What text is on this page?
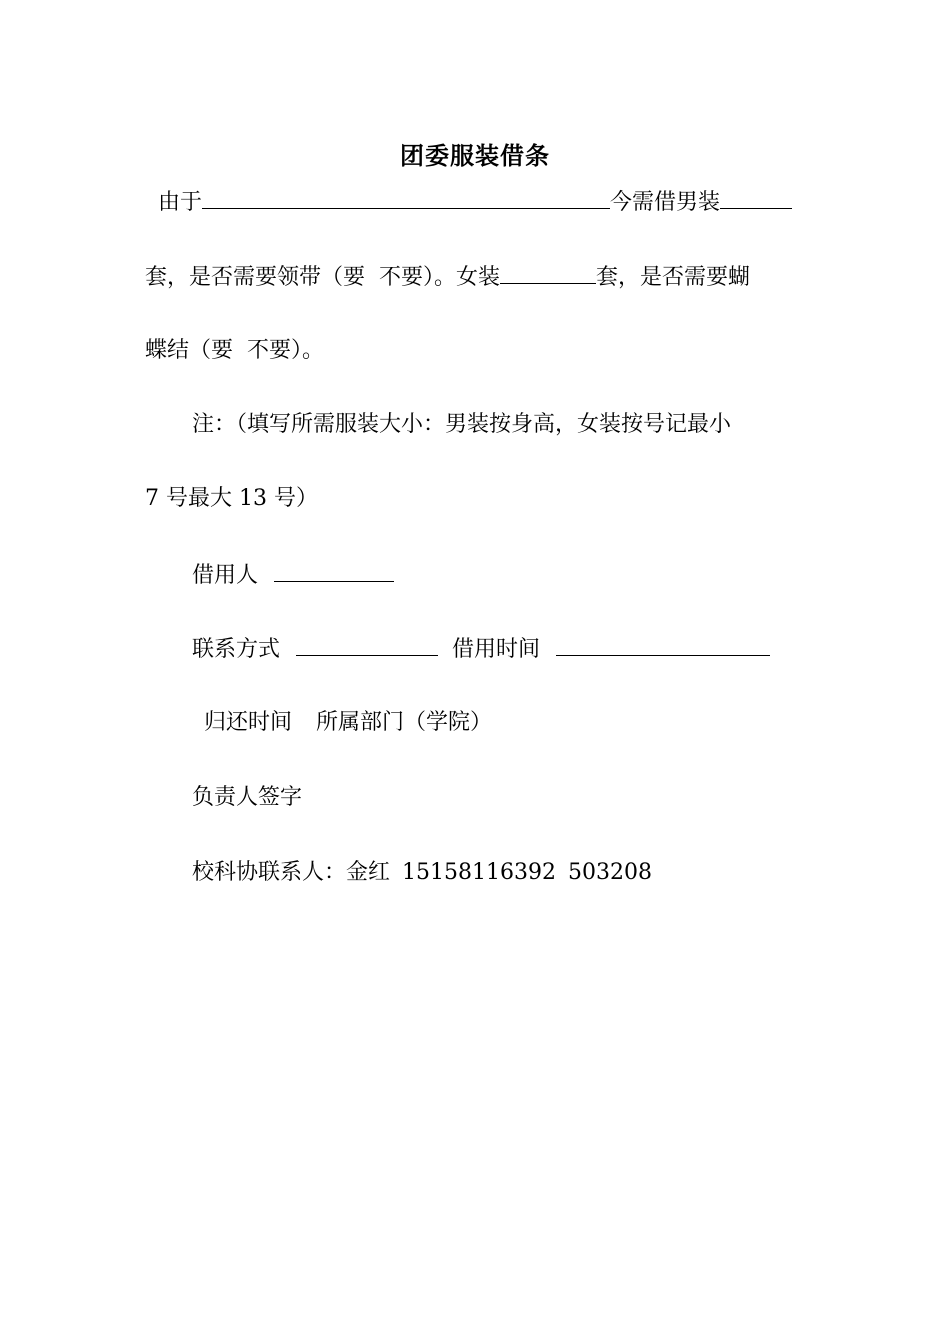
团委服装借条
由于	今需借男装
套，是否需要领带（要 不要）。女装	套，是否需要蝴
蝶结（要 不要）。
注：（填写所需服装大小：男装按身高，女装按号记最小
7 号最大 13 号）
借用人
联系方式	借用时间
归还时间 所属部门（学院）
负责人签字
校科协联系人：金红 15158116392 503208
